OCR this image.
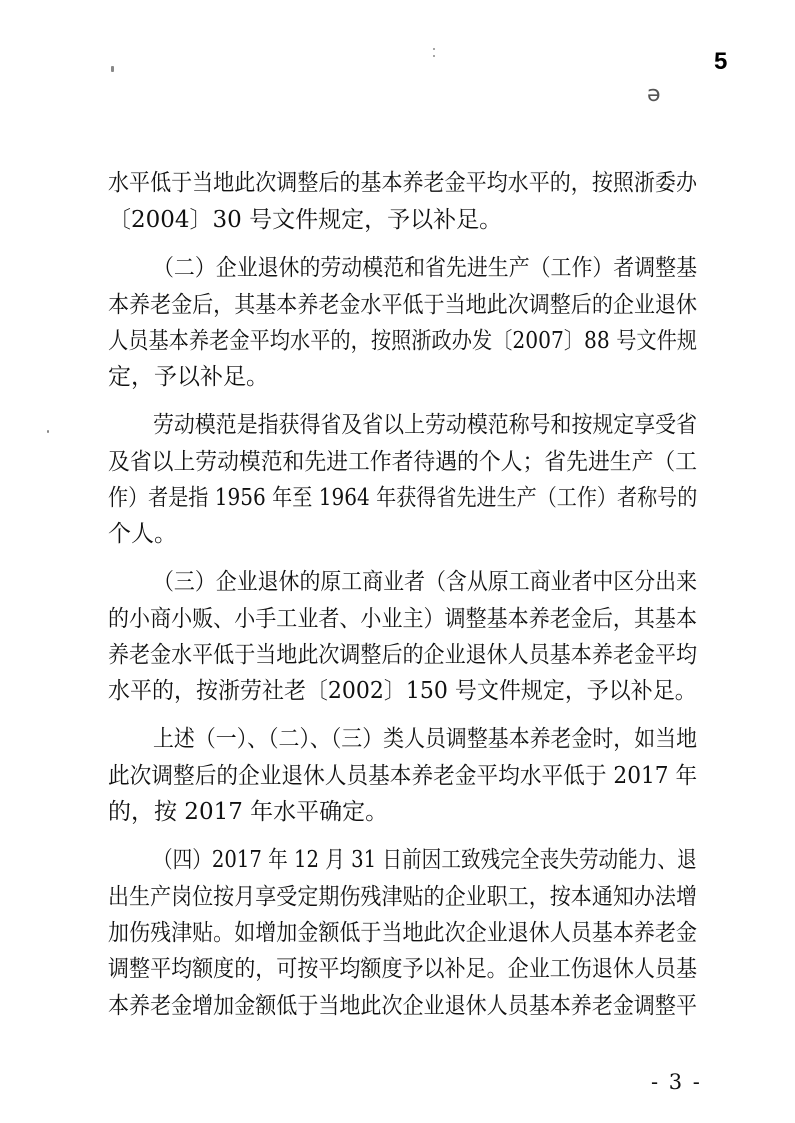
5
ə
水平低于当地此次调整后的基本养老金平均水平的，按照浙委办
〔2004〕30 号文件规定，予以补足。
（二）企业退休的劳动模范和省先进生产（工作）者调整基
本养老金后，其基本养老金水平低于当地此次调整后的企业退休
人员基本养老金平均水平的，按照浙政办发〔2007〕88 号文件规
定，予以补足。
劳动模范是指获得省及省以上劳动模范称号和按规定享受省
及省以上劳动模范和先进工作者待遇的个人；省先进生产（工
作）者是指 1956 年至 1964 年获得省先进生产（工作）者称号的
个人。
（三）企业退休的原工商业者（含从原工商业者中区分出来
的小商小贩、小手工业者、小业主）调整基本养老金后，其基本
养老金水平低于当地此次调整后的企业退休人员基本养老金平均
水平的，按浙劳社老〔2002〕150 号文件规定，予以补足。
上述（一）、（二）、（三）类人员调整基本养老金时，如当地
此次调整后的企业退休人员基本养老金平均水平低于 2017 年
的，按 2017 年水平确定。
（四）2017 年 12 月 31 日前因工致残完全丧失劳动能力、退
出生产岗位按月享受定期伤残津贴的企业职工，按本通知办法增
加伤残津贴。如增加金额低于当地此次企业退休人员基本养老金
调整平均额度的，可按平均额度予以补足。企业工伤退休人员基
本养老金增加金额低于当地此次企业退休人员基本养老金调整平
- 3 -
